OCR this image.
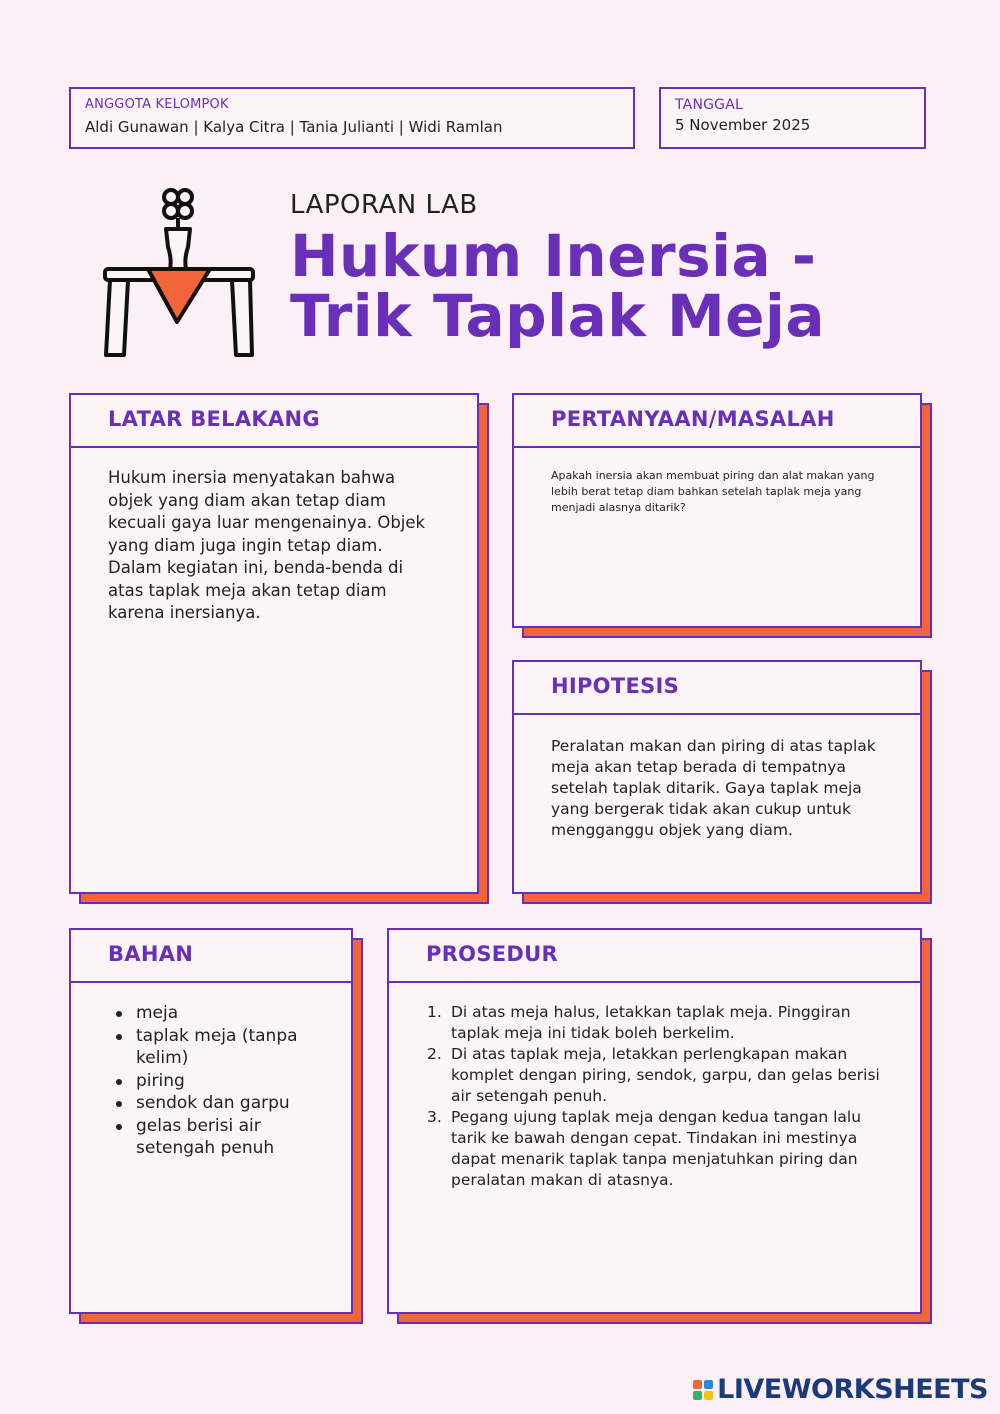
ANGGOTA KELOMPOK
Aldi Gunawan | Kalya Citra | Tania Julianti | Widi Ramlan
TANGGAL
5 November 2025
LAPORAN LAB
Hukum Inersia -
Trik Taplak Meja
LATAR BELAKANG
Hukum inersia menyatakan bahwa objek yang diam akan tetap diam kecuali gaya luar mengenainya. Objek yang diam juga ingin tetap diam. Dalam kegiatan ini, benda-benda di atas taplak meja akan tetap diam karena inersianya.
PERTANYAAN/MASALAH
Apakah inersia akan membuat piring dan alat makan yang lebih berat tetap diam bahkan setelah taplak meja yang menjadi alasnya ditarik?
HIPOTESIS
Peralatan makan dan piring di atas taplak meja akan tetap berada di tempatnya setelah taplak ditarik. Gaya taplak meja yang bergerak tidak akan cukup untuk mengganggu objek yang diam.
BAHAN
meja
taplak meja (tanpa kelim)
piring
sendok dan garpu
gelas berisi air setengah penuh
PROSEDUR
1. Di atas meja halus, letakkan taplak meja. Pinggiran taplak meja ini tidak boleh berkelim.
2. Di atas taplak meja, letakkan perlengkapan makan komplet dengan piring, sendok, garpu, dan gelas berisi air setengah penuh.
3. Pegang ujung taplak meja dengan kedua tangan lalu tarik ke bawah dengan cepat. Tindakan ini mestinya dapat menarik taplak tanpa menjatuhkan piring dan peralatan makan di atasnya.
LIVEWORKSHEETS
